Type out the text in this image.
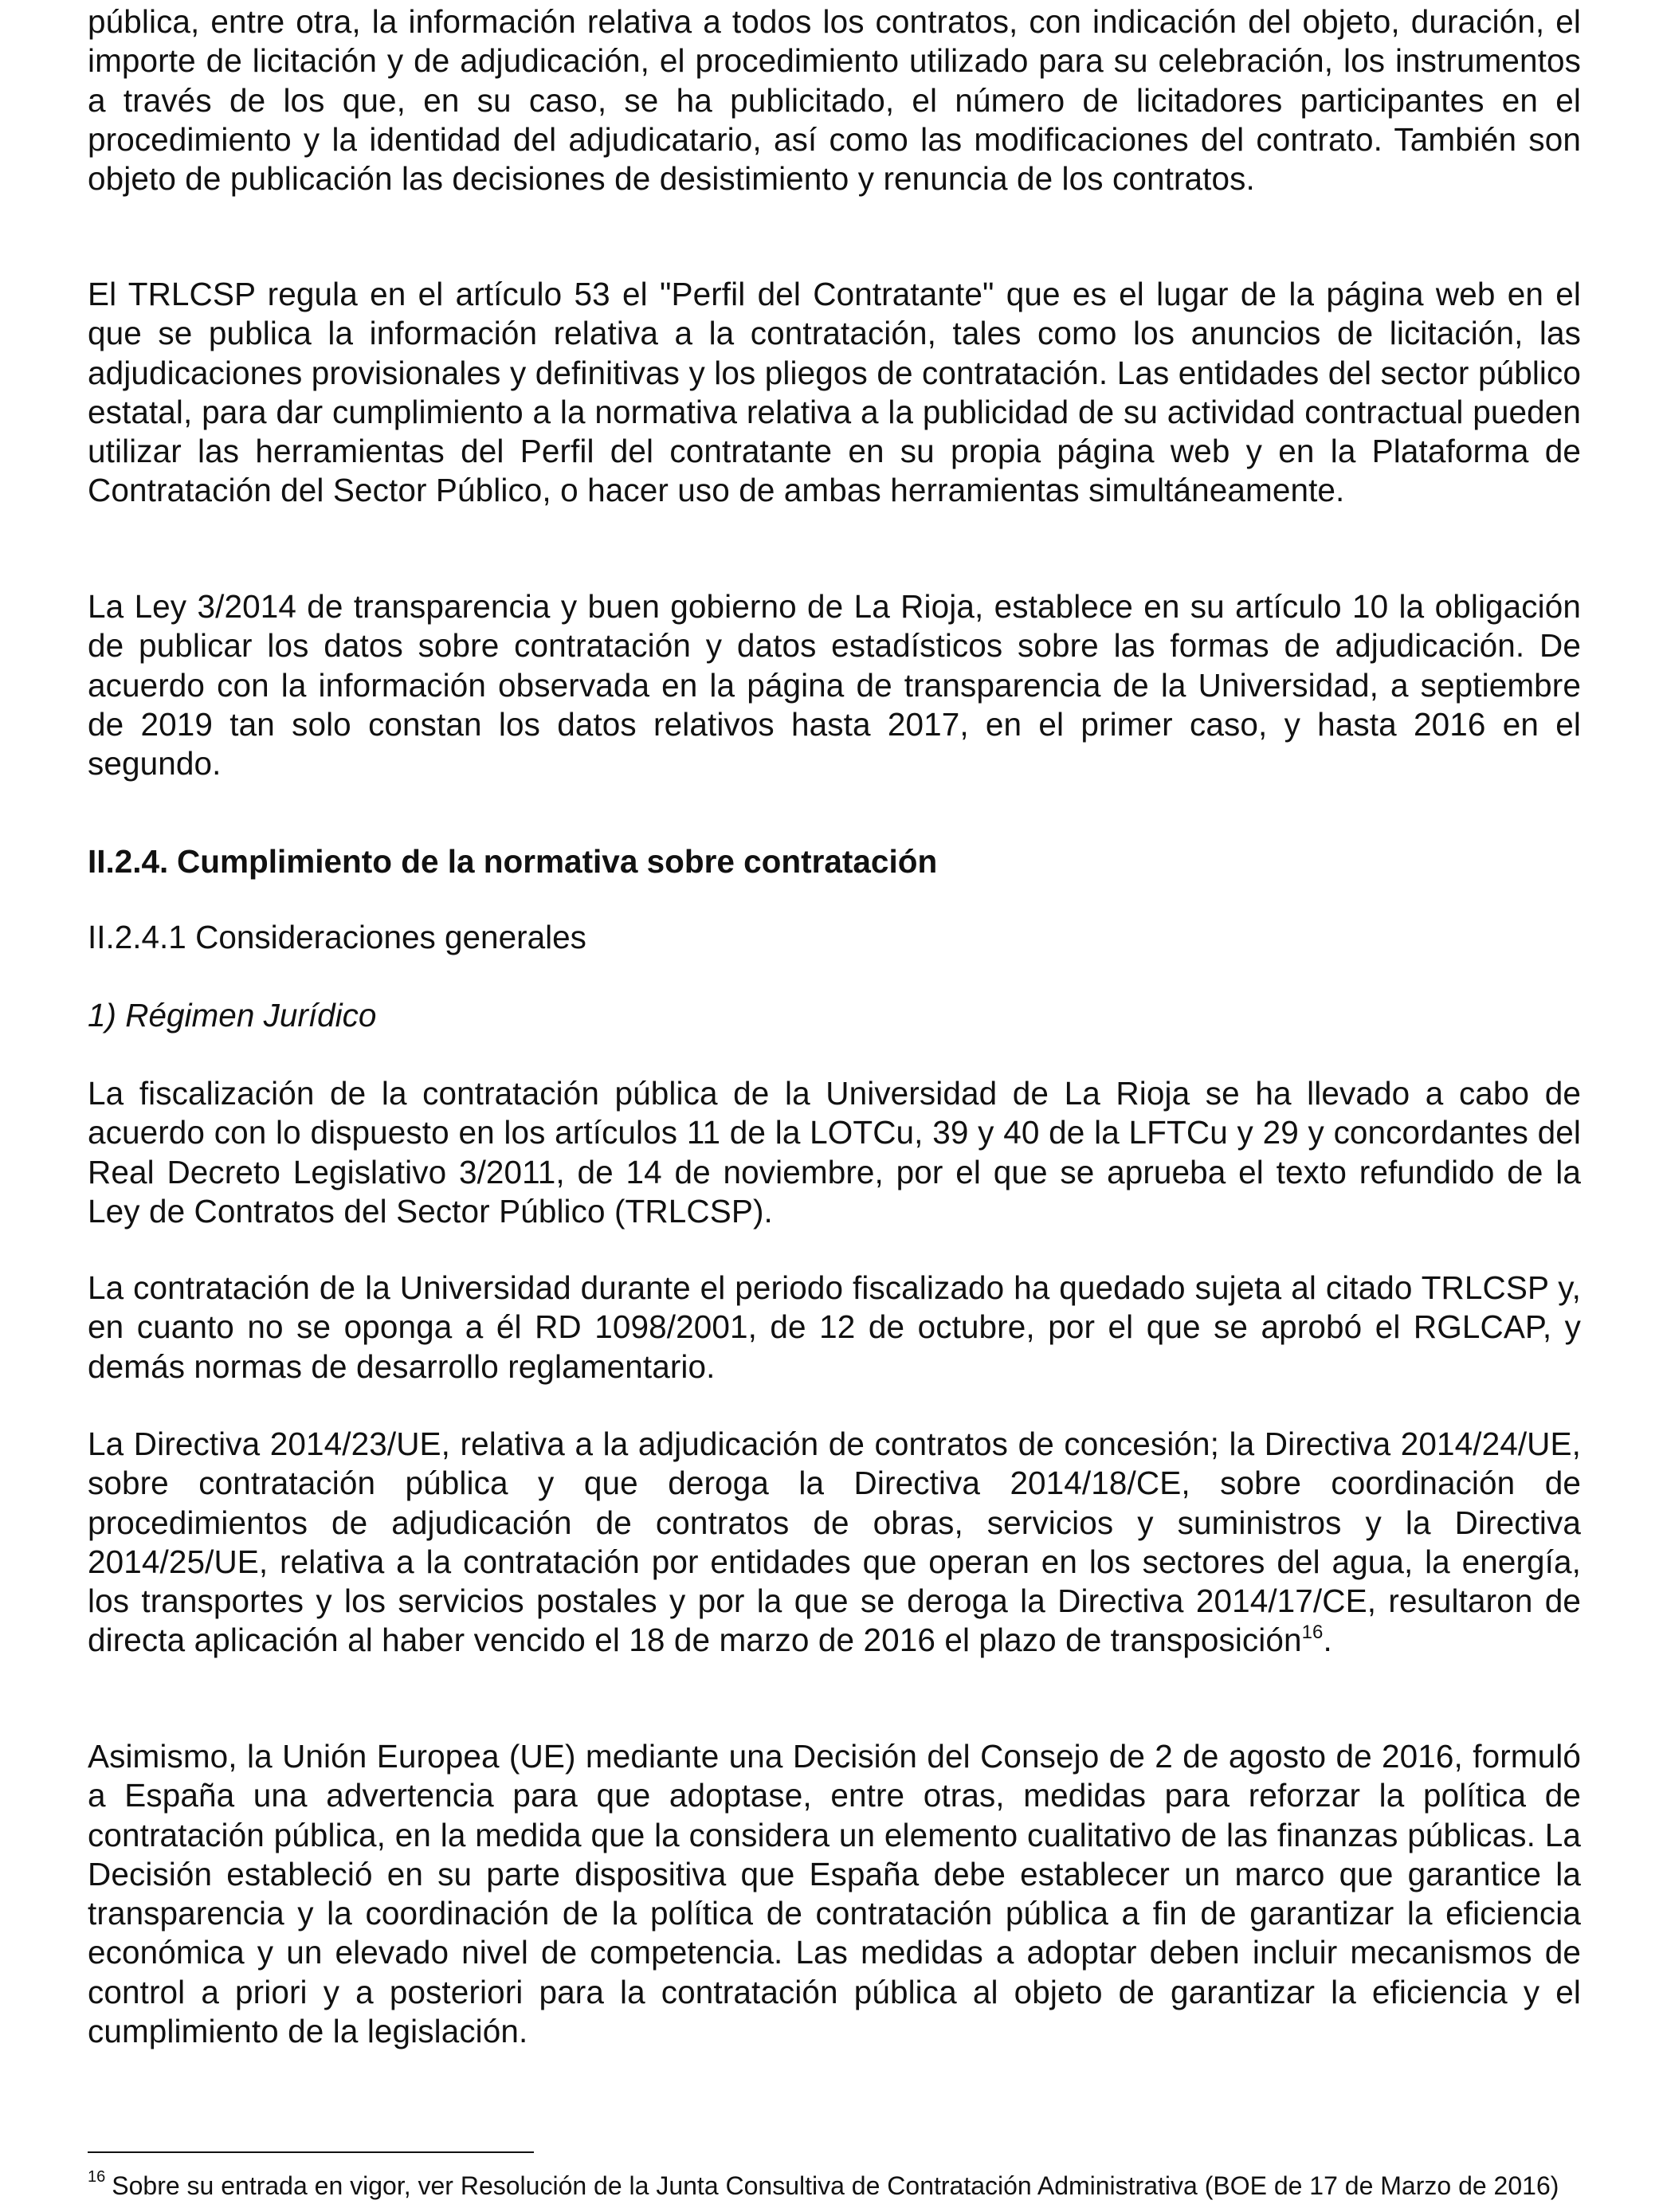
pública, entre otra, la información relativa a todos los contratos, con indicación del objeto, duración, el importe de licitación y de adjudicación, el procedimiento utilizado para su celebración, los instrumentos a través de los que, en su caso, se ha publicitado, el número de licitadores participantes en el procedimiento y la identidad del adjudicatario, así como las modificaciones del contrato. También son objeto de publicación las decisiones de desistimiento y renuncia de los contratos.

El TRLCSP regula en el artículo 53 el "Perfil del Contratante" que es el lugar de la página web en el que se publica la información relativa a la contratación, tales como los anuncios de licitación, las adjudicaciones provisionales y definitivas y los pliegos de contratación. Las entidades del sector público estatal, para dar cumplimiento a la normativa relativa a la publicidad de su actividad contractual pueden utilizar las herramientas del Perfil del contratante en su propia página web y en la Plataforma de Contratación del Sector Público, o hacer uso de ambas herramientas simultáneamente.

La Ley 3/2014 de transparencia y buen gobierno de La Rioja, establece en su artículo 10 la obligación de publicar los datos sobre contratación y datos estadísticos sobre las formas de adjudicación. De acuerdo con la información observada en la página de transparencia de la Universidad, a septiembre de 2019 tan solo constan los datos relativos hasta 2017, en el primer caso, y hasta 2016 en el segundo.

II.2.4. Cumplimiento de la normativa sobre contratación
II.2.4.1 Consideraciones generales
1) Régimen Jurídico

La fiscalización de la contratación pública de la Universidad de La Rioja se ha llevado a cabo de acuerdo con lo dispuesto en los artículos 11 de la LOTCu, 39 y 40 de la LFTCu y 29 y concordantes del Real Decreto Legislativo 3/2011, de 14 de noviembre, por el que se aprueba el texto refundido de la Ley de Contratos del Sector Público (TRLCSP).

La contratación de la Universidad durante el periodo fiscalizado ha quedado sujeta al citado TRLCSP y, en cuanto no se oponga a él RD 1098/2001, de 12 de octubre, por el que se aprobó el RGLCAP, y demás normas de desarrollo reglamentario.

La Directiva 2014/23/UE, relativa a la adjudicación de contratos de concesión; la Directiva 2014/24/UE, sobre contratación pública y que deroga la Directiva 2014/18/CE, sobre coordinación de procedimientos de adjudicación de contratos de obras, servicios y suministros y la Directiva 2014/25/UE, relativa a la contratación por entidades que operan en los sectores del agua, la energía, los transportes y los servicios postales y por la que se deroga la Directiva 2014/17/CE, resultaron de directa aplicación al haber vencido el 18 de marzo de 2016 el plazo de transposición$^{16}$.

Asimismo, la Unión Europea (UE) mediante una Decisión del Consejo de 2 de agosto de 2016, formuló a España una advertencia para que adoptase, entre otras, medidas para reforzar la política de contratación pública, en la medida que la considera un elemento cualitativo de las finanzas públicas. La Decisión estableció en su parte dispositiva que España debe establecer un marco que garantice la transparencia y la coordinación de la política de contratación pública a fin de garantizar la eficiencia económica y un elevado nivel de competencia. Las medidas a adoptar deben incluir mecanismos de control a priori y a posteriori para la contratación pública al objeto de garantizar la eficiencia y el cumplimiento de la legislación.

$^{16}$ Sobre su entrada en vigor, ver Resolución de la Junta Consultiva de Contratación Administrativa (BOE de 17 de Marzo de 2016)
